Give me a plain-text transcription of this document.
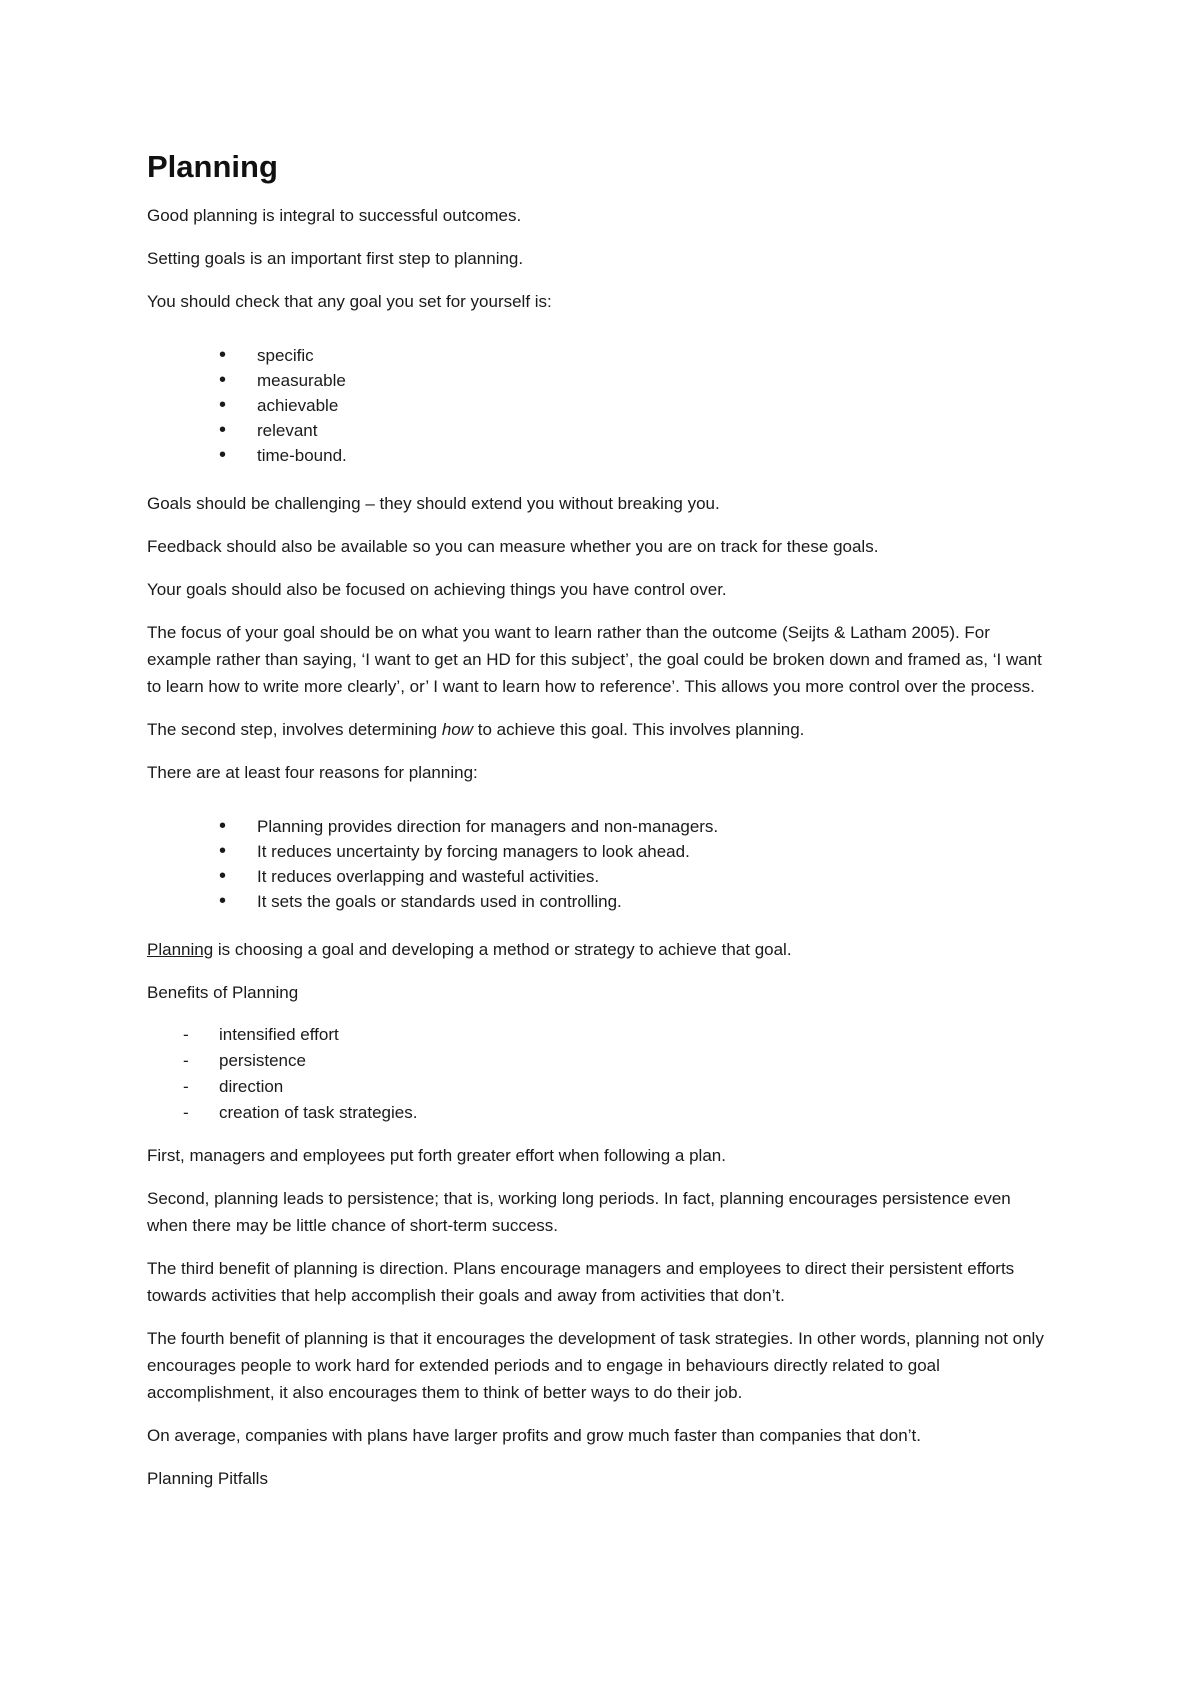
Planning

Good planning is integral to successful outcomes.

Setting goals is an important first step to planning.

You should check that any goal you set for yourself is:

• specific
• measurable
• achievable
• relevant
• time-bound.

Goals should be challenging – they should extend you without breaking you.

Feedback should also be available so you can measure whether you are on track for these goals.

Your goals should also be focused on achieving things you have control over.

The focus of your goal should be on what you want to learn rather than the outcome (Seijts & Latham 2005). For example rather than saying, ‘I want to get an HD for this subject’, the goal could be broken down and framed as, ‘I want to learn how to write more clearly’, or’ I want to learn how to reference’. This allows you more control over the process.

The second step, involves determining how to achieve this goal. This involves planning.

There are at least four reasons for planning:

• Planning provides direction for managers and non-managers.
• It reduces uncertainty by forcing managers to look ahead.
• It reduces overlapping and wasteful activities.
• It sets the goals or standards used in controlling.

Planning is choosing a goal and developing a method or strategy to achieve that goal.

Benefits of Planning

- intensified effort
- persistence
- direction
- creation of task strategies.

First, managers and employees put forth greater effort when following a plan.

Second, planning leads to persistence; that is, working long periods. In fact, planning encourages persistence even when there may be little chance of short-term success.

The third benefit of planning is direction. Plans encourage managers and employees to direct their persistent efforts towards activities that help accomplish their goals and away from activities that don’t.

The fourth benefit of planning is that it encourages the development of task strategies. In other words, planning not only encourages people to work hard for extended periods and to engage in behaviours directly related to goal accomplishment, it also encourages them to think of better ways to do their job.

On average, companies with plans have larger profits and grow much faster than companies that don’t.

Planning Pitfalls
